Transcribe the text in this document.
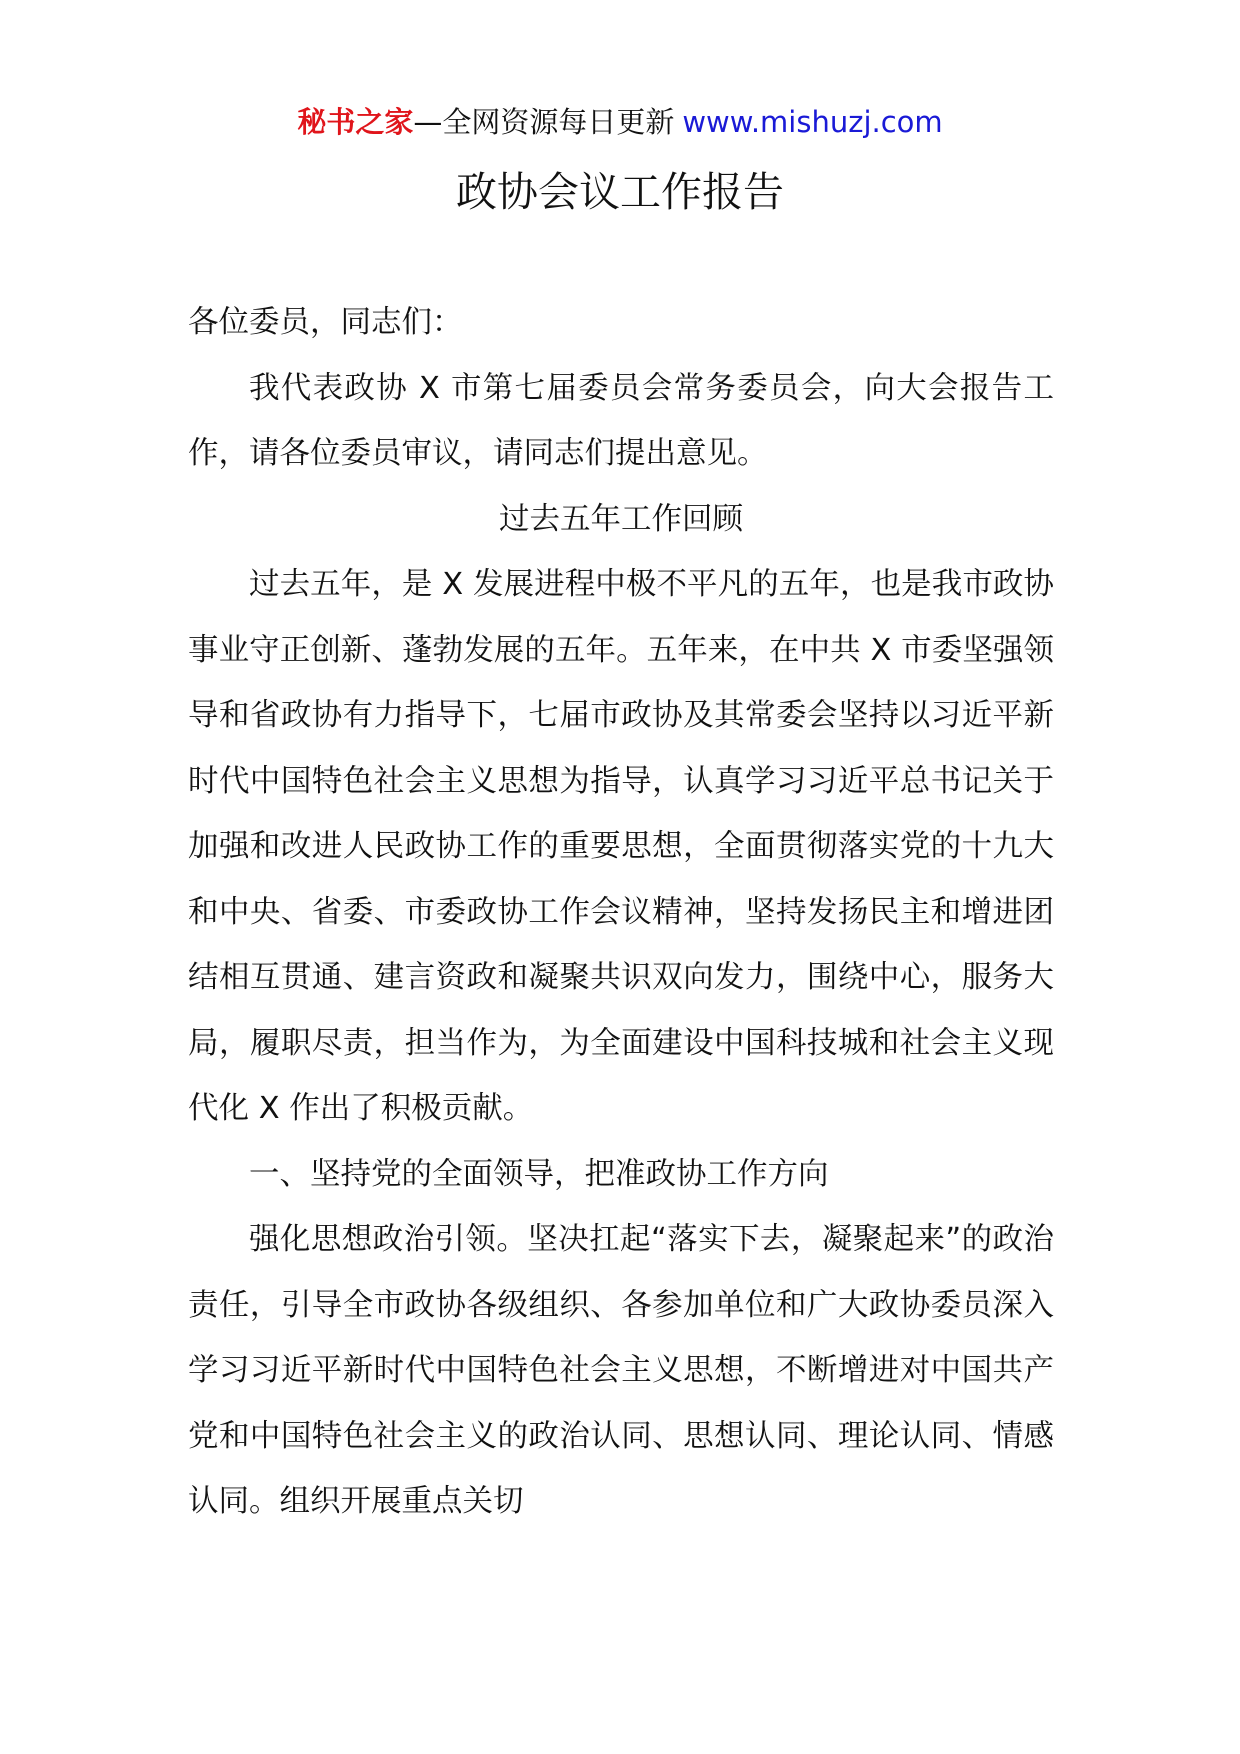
秘书之家—全网资源每日更新 www.mishuzj.com
政协会议工作报告

各位委员，同志们：

我代表政协 X 市第七届委员会常务委员会，向大会报告工作，请各位委员审议，请同志们提出意见。

过去五年工作回顾

过去五年，是 X 发展进程中极不平凡的五年，也是我市政协事业守正创新、蓬勃发展的五年。五年来，在中共 X 市委坚强领导和省政协有力指导下，七届市政协及其常委会坚持以习近平新时代中国特色社会主义思想为指导，认真学习习近平总书记关于加强和改进人民政协工作的重要思想，全面贯彻落实党的十九大和中央、省委、市委政协工作会议精神，坚持发扬民主和增进团结相互贯通、建言资政和凝聚共识双向发力，围绕中心，服务大局，履职尽责，担当作为，为全面建设中国科技城和社会主义现代化 X 作出了积极贡献。

一、坚持党的全面领导，把准政协工作方向

强化思想政治引领。坚决扛起“落实下去，凝聚起来”的政治责任，引导全市政协各级组织、各参加单位和广大政协委员深入学习习近平新时代中国特色社会主义思想，不断增进对中国共产党和中国特色社会主义的政治认同、思想认同、理论认同、情感认同。组织开展重点关切
